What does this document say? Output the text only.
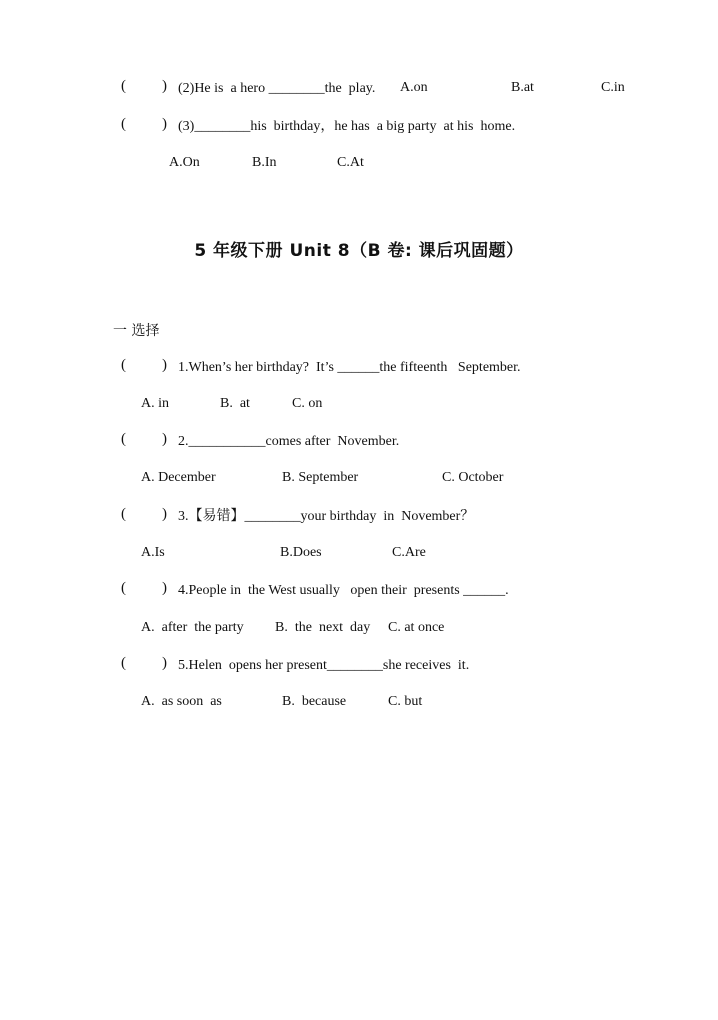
( ) (2)He is  a hero ________the  play. A.on	B.at	C.in
( ) (3)________his  birthday，he has  a big party  at his  home.
A.On	B.In	C.At
5 年级下册 Unit 8（B 卷: 课后巩固题）
一 选择
( ) 1.When’s her birthday?  It’s ______the fifteenth   September.
A. in	B.  at	C. on
( ) 2.___________comes after  November.
A. December	B. September	C. October
( ) 3.【易错】________your birthday  in  November？
A.Is	B.Does	C.Are
( ) 4.People in  the West usually   open their  presents ______.
A.  after  the party B.  the  next  day C. at once
( ) 5.Helen  opens her present________she receives  it.
A.  as soon  as	B.  because	C. but
